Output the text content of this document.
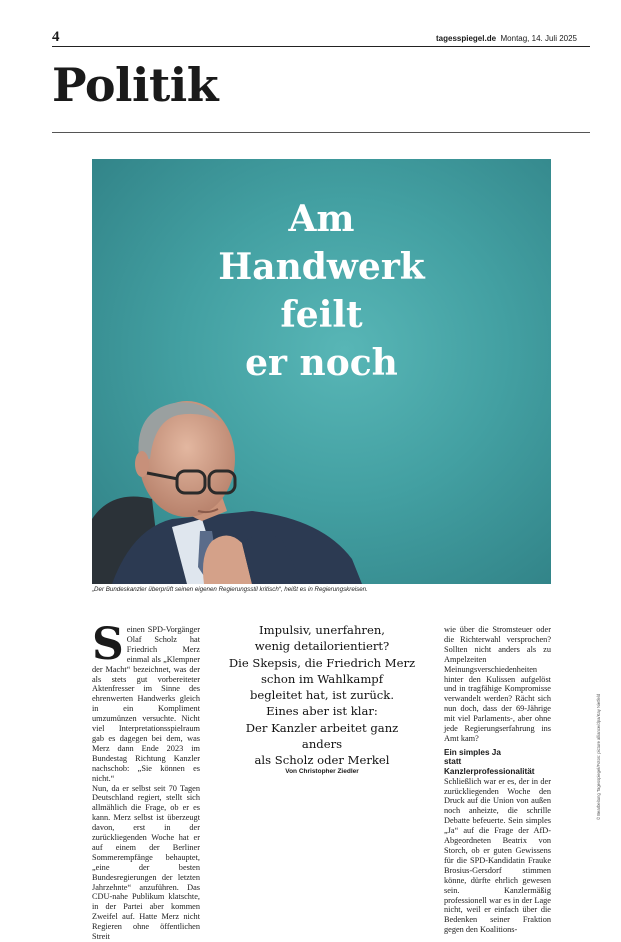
4	tagesspiegel.de Montag, 14. Juli 2025
Politik
Am
Handwerk
feilt
er noch
„Der Bundeskanzler überprüft seinen eigenen Regierungsstil kritisch“, heißt es in Regierungskreisen.
S einen SPD-Vorgänger Olaf Scholz hat Friedrich Merz einmal als „Klempner der Macht“ bezeichnet, was der als stets gut vorbereiteter Aktenfresser im Sinne des ehrenwerten Handwerks gleich in ein Kompliment umzumünzen versuchte. Nicht viel Interpretationsspielraum gab es dagegen bei dem, was Merz dann Ende 2023 im Bundestag Richtung Kanzler nachschob: „Sie können es nicht.“

Nun, da er selbst seit 70 Tagen Deutschland regiert, stellt sich allmählich die Frage, ob er es kann. Merz selbst ist überzeugt davon, erst in der zurückliegenden Woche hat er auf einem der Berliner Sommerempfänge behauptet, „eine der besten Bundesregierungen der letzten Jahrzehnte“ anzuführen. Das CDU-nahe Publikum klatschte, in der Partei aber kommen Zweifel auf. Hatte Merz nicht Regieren ohne öffentlichen Streit

Impulsiv, unerfahren,
wenig detailorientiert?
Die Skepsis, die Friedrich Merz
schon im Wahlkampf
begleitet hat, ist zurück.
Eines aber ist klar:
Der Kanzler arbeitet ganz anders
als Scholz oder Merkel
Von Christopher Ziedler

wie über die Stromsteuer oder die Richterwahl versprochen? Sollten nicht anders als zu Ampelzeiten Meinungsverschiedenheiten hinter den Kulissen aufgelöst und in tragfähige Kompromisse verwandelt werden? Rächt sich nun doch, dass der 69-Jährige mit viel Parlaments-, aber ohne jede Regierungserfahrung ins Amt kam?

Ein simples Ja
statt Kanzlerprofessionalität

Schließlich war er es, der in der zurückliegenden Woche den Druck auf die Union von außen noch anheizte, die schrille Debatte befeuerte. Sein simples „Ja“ auf die Frage der AfD-Abgeordneten Beatrix von Storch, ob er guten Gewissens für die SPD-Kandidatin Frauke Brosius-Gersdorf stimmen könne, dürfte ehrlich gewesen sein. Kanzlermäßig professionell war es in der Lage nicht, weil er einfach über die Bedenken seiner Fraktion gegen den Koalitions-

© Bearbeitung Tagesspiegel/Fotos: picture alliance/dpa/Kay Nietfeld
